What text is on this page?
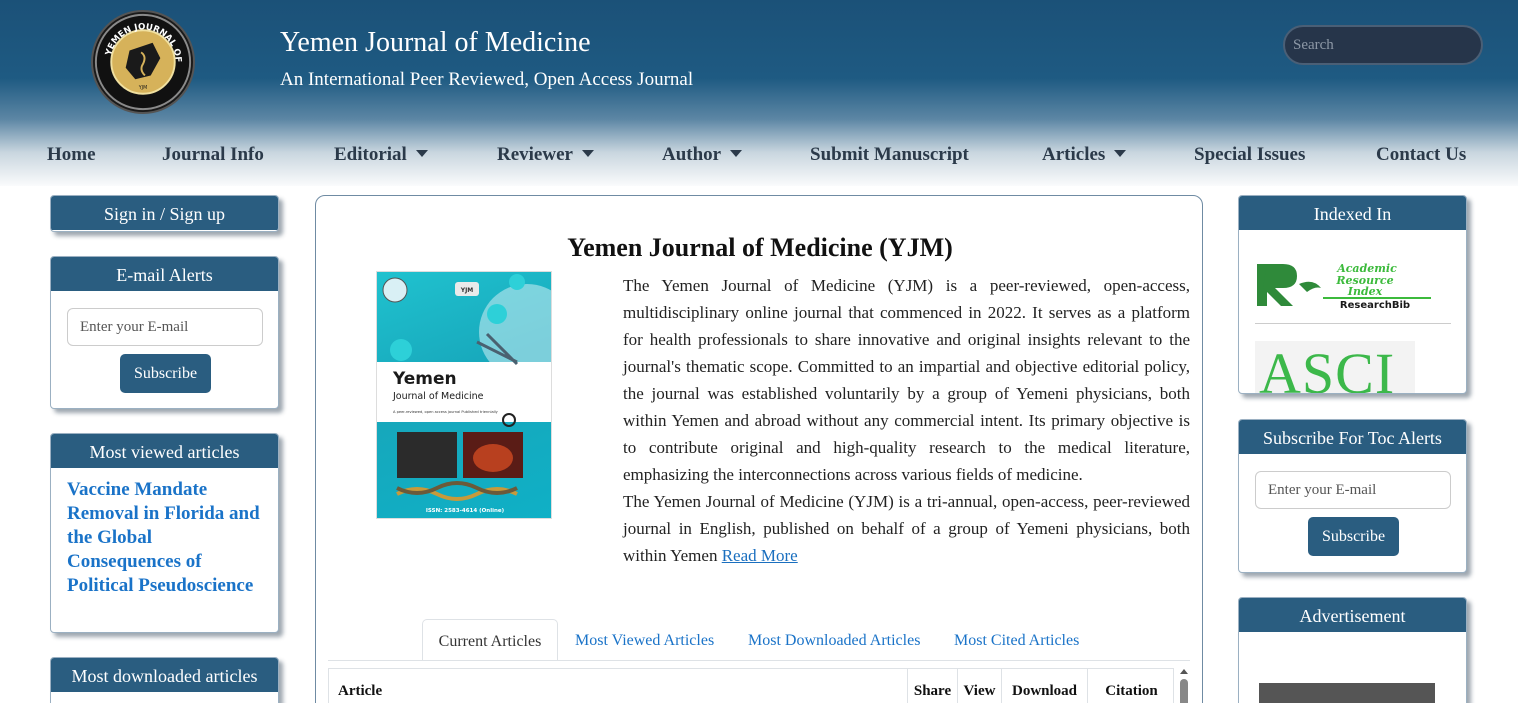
YEMEN JOURNAL OF
YJM
Yemen Journal of Medicine
An International Peer Reviewed, Open Access Journal
Search
Home	Journal Info	Editorial	Reviewer	Author	Submit Manuscript	Articles	Special Issues	Contact Us
Sign in / Sign up
E-mail Alerts
Enter your E-mail
Subscribe
Most viewed articles
Vaccine Mandate Removal in Florida and the Global Consequences of Political Pseudoscience
Most downloaded articles
Yemen Journal of Medicine (YJM)
YJM
Yemen
Journal of Medicine
A peer-reviewed, open access journal Published triennially
ISSN: 2583-4614 (Online)

The Yemen Journal of Medicine (YJM) is a peer-reviewed, open-access, multidisciplinary online journal that commenced in 2022. It serves as a platform for health professionals to share innovative and original insights relevant to the journal's thematic scope. Committed to an impartial and objective editorial policy, the journal was established voluntarily by a group of Yemeni physicians, both within Yemen and abroad without any commercial intent. Its primary objective is to contribute original and high-quality research to the medical literature, emphasizing the interconnections across various fields of medicine.

The Yemen Journal of Medicine (YJM) is a tri-annual, open-access, peer-reviewed journal in English, published on behalf of a group of Yemeni physicians, both within Yemen Read More

Current Articles	Most Viewed Articles Most Downloaded Articles Most Cited Articles
Article	Share View	Download	Citation
Indexed In
Academic
Resource
Index
ResearchBib
ASCI
Subscribe For Toc Alerts
Enter your E-mail
Subscribe
Advertisement
